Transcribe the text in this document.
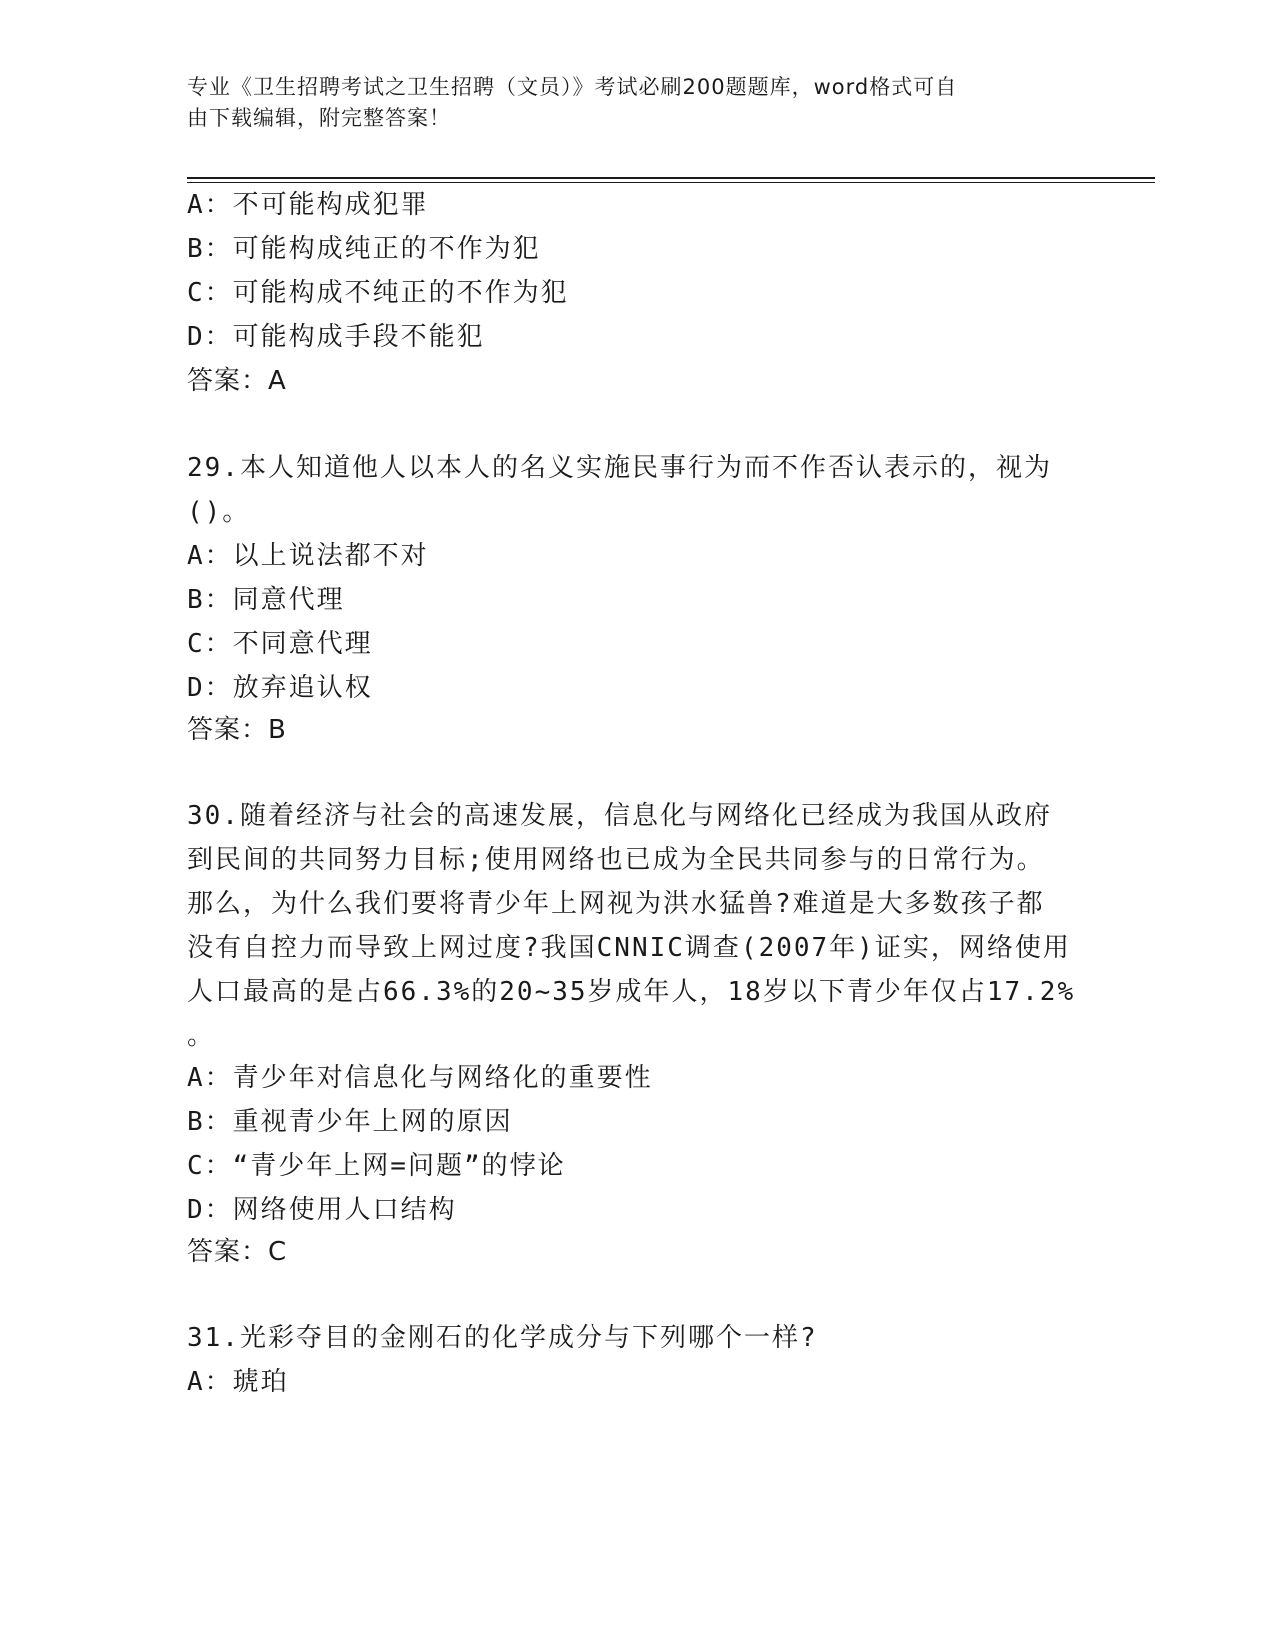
专业《卫生招聘考试之卫生招聘（文员）》考试必刷200题题库，word格式可自
由下载编辑，附完整答案！
A：不可能构成犯罪
B：可能构成纯正的不作为犯
C：可能构成不纯正的不作为犯
D：可能构成手段不能犯
答案：A
29.本人知道他人以本人的名义实施民事行为而不作否认表示的，视为
()。
A：以上说法都不对
B：同意代理
C：不同意代理
D：放弃追认权
答案：B
30.随着经济与社会的高速发展，信息化与网络化已经成为我国从政府
到民间的共同努力目标;使用网络也已成为全民共同参与的日常行为。
那么，为什么我们要将青少年上网视为洪水猛兽?难道是大多数孩子都
没有自控力而导致上网过度?我国CNNIC调查(2007年)证实，网络使用
人口最高的是占66.3%的20~35岁成年人，18岁以下青少年仅占17.2%
。
A：青少年对信息化与网络化的重要性
B：重视青少年上网的原因
C：“青少年上网=问题”的悖论
D：网络使用人口结构
答案：C
31.光彩夺目的金刚石的化学成分与下列哪个一样?
A：琥珀
